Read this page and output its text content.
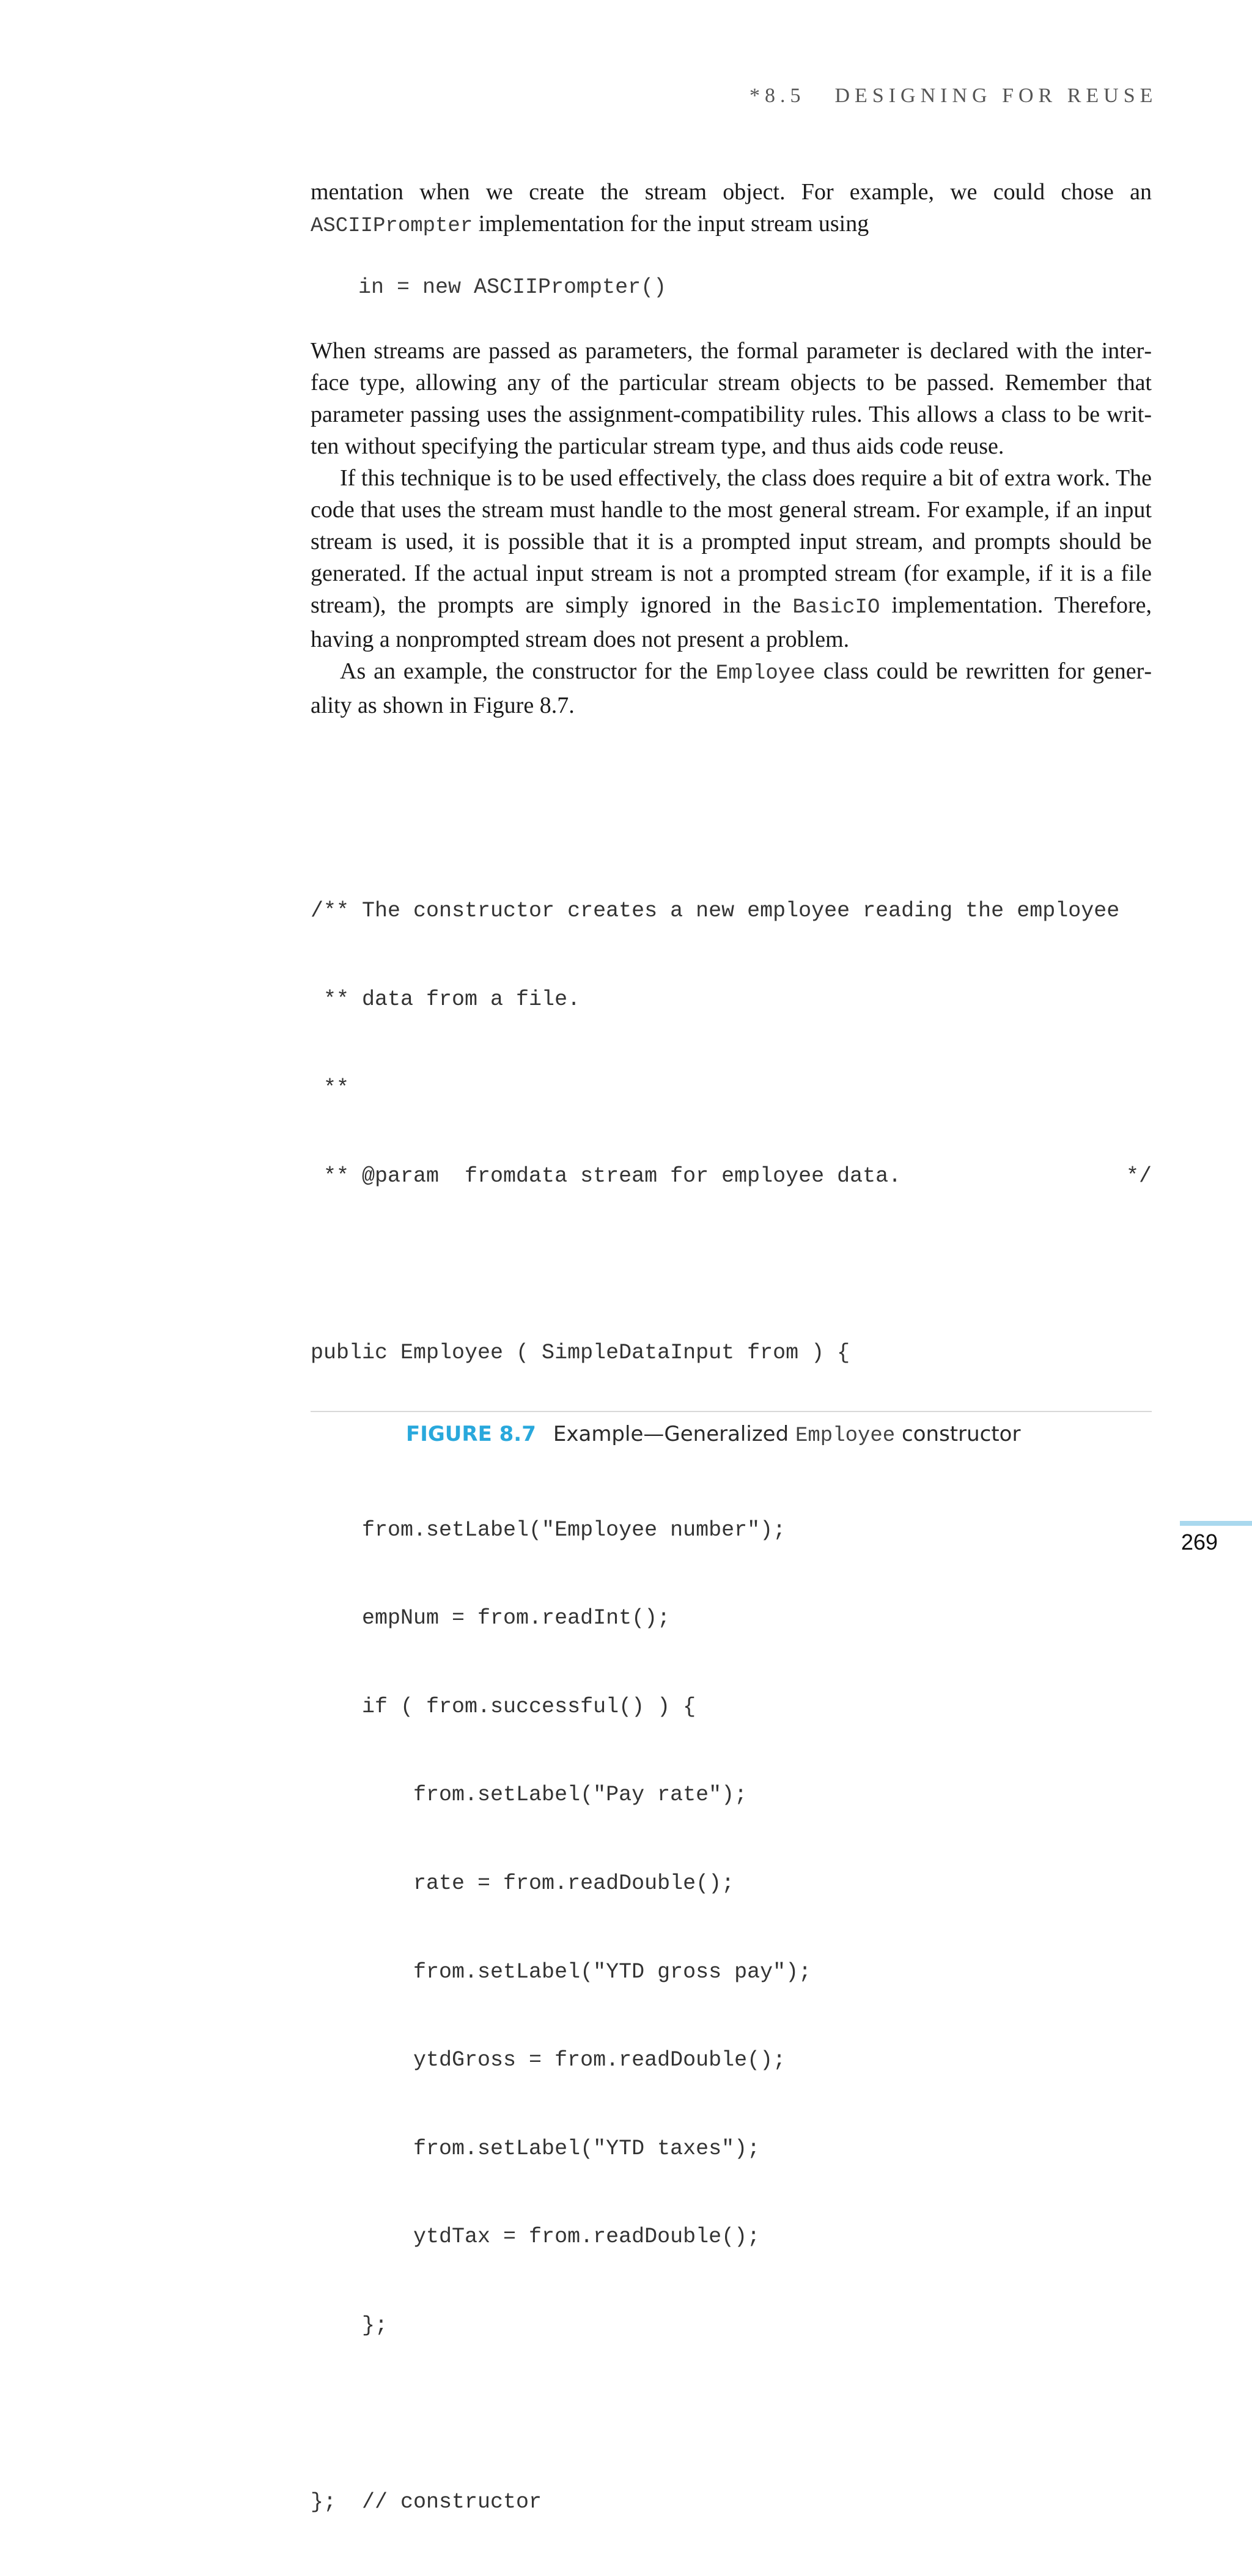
*8.5 DESIGNING FOR REUSE

mentation when we create the stream object. For example, we could chose an ASCIIPrompter implementation for the input stream using

in = new ASCIIPrompter()

When streams are passed as parameters, the formal parameter is declared with the interface type, allowing any of the particular stream objects to be passed. Remember that parameter passing uses the assignment-compatibility rules. This allows a class to be written without specifying the particular stream type, and thus aids code reuse.

If this technique is to be used effectively, the class does require a bit of extra work. The code that uses the stream must handle to the most general stream. For example, if an input stream is used, it is possible that it is a prompted input stream, and prompts should be generated. If the actual input stream is not a prompted stream (for example, if it is a file stream), the prompts are simply ignored in the BasicIO implementation. Therefore, having a nonprompted stream does not present a problem.

As an example, the constructor for the Employee class could be rewritten for generality as shown in Figure 8.7.

/** The constructor creates a new employee reading the employee

** data from a file.

**

** @param  fromdata stream for employee data.	*/

public Employee ( SimpleDataInput from ) {

from.setLabel("Employee number");

empNum = from.readInt();

if ( from.successful() ) {

from.setLabel("Pay rate");

rate = from.readDouble();

from.setLabel("YTD gross pay");

ytdGross = from.readDouble();

from.setLabel("YTD taxes");

ytdTax = from.readDouble();

};

};  // constructor

FIGURE 8.7 Example—Generalized Employee constructor
269
